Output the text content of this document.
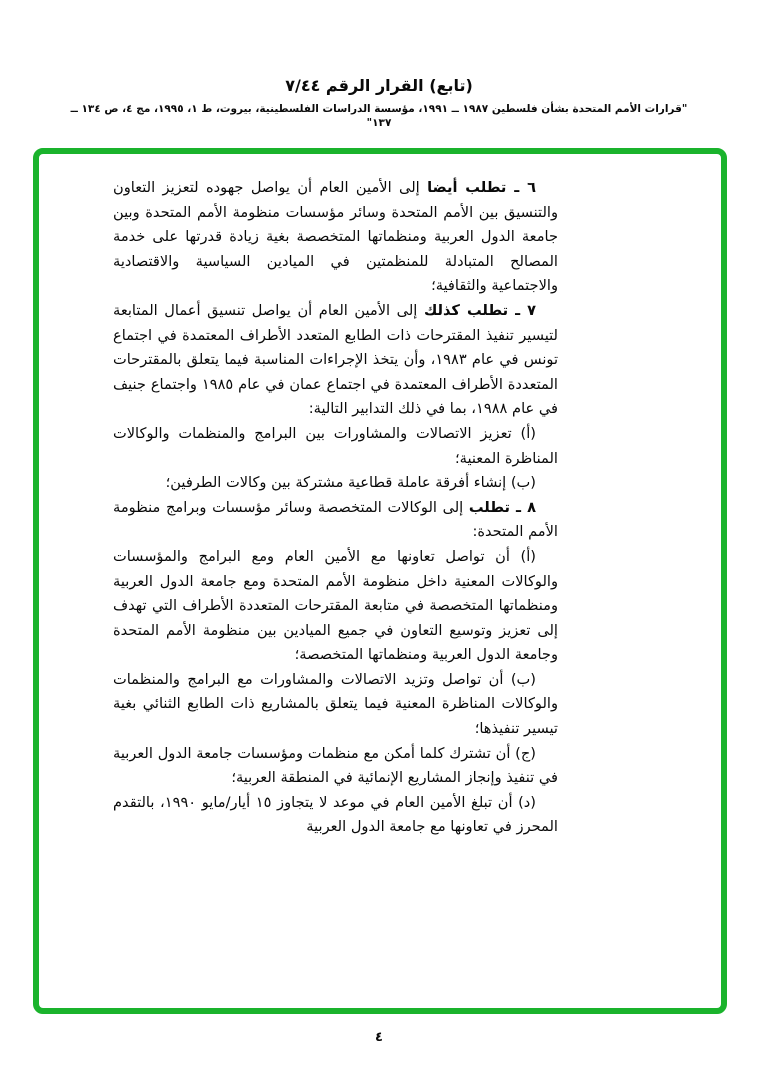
(تابع) القرار الرقم ٧/٤٤
"قرارات الأمم المتحدة بشأن فلسطين ١٩٨٧ ــ ١٩٩١، مؤسسة الدراسات الفلسطينية، بيروت، ط ١، ١٩٩٥، مج ٤، ص ١٣٤ ــ ١٣٧"

٦ ـ تطلب أيضا إلى الأمين العام أن يواصل جهوده لتعزيز التعاون والتنسيق بين الأمم المتحدة وسائر مؤسسات منظومة الأمم المتحدة وبين جامعة الدول العربية ومنظماتها المتخصصة بغية زيادة قدرتها على خدمة المصالح المتبادلة للمنظمتين في الميادين السياسية والاقتصادية والاجتماعية والثقافية؛

٧ ـ تطلب كذلك إلى الأمين العام أن يواصل تنسيق أعمال المتابعة لتيسير تنفيذ المقترحات ذات الطابع المتعدد الأطراف المعتمدة في اجتماع تونس في عام ١٩٨٣، وأن يتخذ الإجراءات المناسبة فيما يتعلق بالمقترحات المتعددة الأطراف المعتمدة في اجتماع عمان في عام ١٩٨٥ واجتماع جنيف في عام ١٩٨٨، بما في ذلك التدابير التالية:

(أ) تعزيز الاتصالات والمشاورات بين البرامج والمنظمات والوكالات المناظرة المعنية؛

(ب) إنشاء أفرقة عاملة قطاعية مشتركة بين وكالات الطرفين؛

٨ ـ تطلب إلى الوكالات المتخصصة وسائر مؤسسات وبرامج منظومة الأمم المتحدة:

(أ) أن تواصل تعاونها مع الأمين العام ومع البرامج والمؤسسات والوكالات المعنية داخل منظومة الأمم المتحدة ومع جامعة الدول العربية ومنظماتها المتخصصة في متابعة المقترحات المتعددة الأطراف التي تهدف إلى تعزيز وتوسيع التعاون في جميع الميادين بين منظومة الأمم المتحدة وجامعة الدول العربية ومنظماتها المتخصصة؛

(ب) أن تواصل وتزيد الاتصالات والمشاورات مع البرامج والمنظمات والوكالات المناظرة المعنية فيما يتعلق بالمشاريع ذات الطابع الثنائي بغية تيسير تنفيذها؛

(ج) أن تشترك كلما أمكن مع منظمات ومؤسسات جامعة الدول العربية في تنفيذ وإنجاز المشاريع الإنمائية في المنطقة العربية؛

(د) أن تبلغ الأمين العام في موعد لا يتجاوز ١٥ أيار/مايو ١٩٩٠، بالتقدم المحرز في تعاونها مع جامعة الدول العربية

٤
